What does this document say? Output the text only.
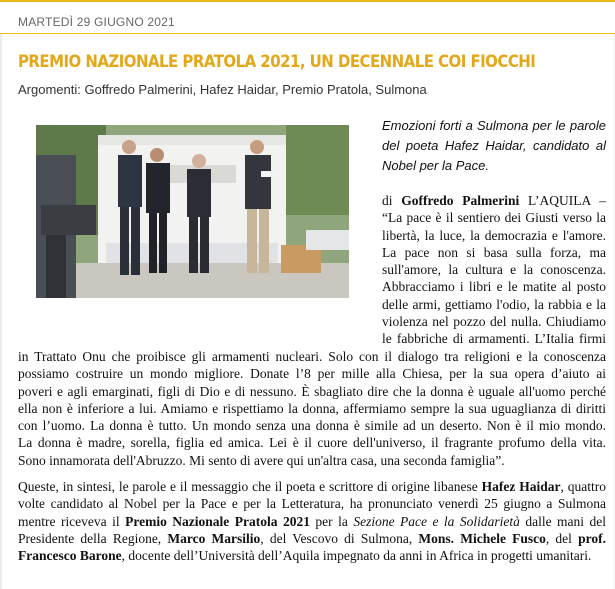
MARTEDÌ 29 GIUGNO 2021
PREMIO NAZIONALE PRATOLA 2021, UN DECENNALE COI FIOCCHI
Argomenti: Goffredo Palmerini, Hafez Haidar, Premio Pratola, Sulmona
Emozioni forti a Sulmona per le parole del poeta Hafez Haidar, candidato al Nobel per la Pace.
di Goffredo Palmerini L’AQUILA –
“La pace è il sentiero dei Giusti verso la
libertà, la luce, la democrazia e l'amore.
La pace non si basa sulla forza, ma
sull'amore, la cultura e la conoscenza.
Abbracciamo i libri e le matite al posto
delle armi, gettiamo l'odio, la rabbia e la
violenza nel pozzo del nulla. Chiudiamo
le fabbriche di armamenti. L’Italia firmi
in Trattato Onu che proibisce gli armamenti nucleari. Solo con il dialogo tra religioni e la conoscenza
possiamo costruire un mondo migliore. Donate l’8 per mille alla Chiesa, per la sua opera d’aiuto ai
poveri e agli emarginati, figli di Dio e di nessuno. È sbagliato dire che la donna è uguale all'uomo perché
ella non è inferiore a lui. Amiamo e rispettiamo la donna, affermiamo sempre la sua uguaglianza di diritti
con l’uomo. La donna è tutto. Un mondo senza una donna è simile ad un deserto. Non è il mio mondo.
La donna è madre, sorella, figlia ed amica. Lei è il cuore dell'universo, il fragrante profumo della vita.
Sono innamorata dell'Abruzzo. Mi sento di avere qui un'altra casa, una seconda famiglia”.
Queste, in sintesi, le parole e il messaggio che il poeta e scrittore di origine libanese Hafez Haidar, quattro volte candidato al Nobel per la Pace e per la Letteratura, ha pronunciato venerdì 25 giugno a Sulmona mentre riceveva il Premio Nazionale Pratola 2021 per la Sezione Pace e la Solidarietà dalle mani del Presidente della Regione, Marco Marsilio, del Vescovo di Sulmona, Mons. Michele Fusco, del prof. Francesco Barone, docente dell’Università dell’Aquila impegnato da anni in Africa in progetti umanitari.
